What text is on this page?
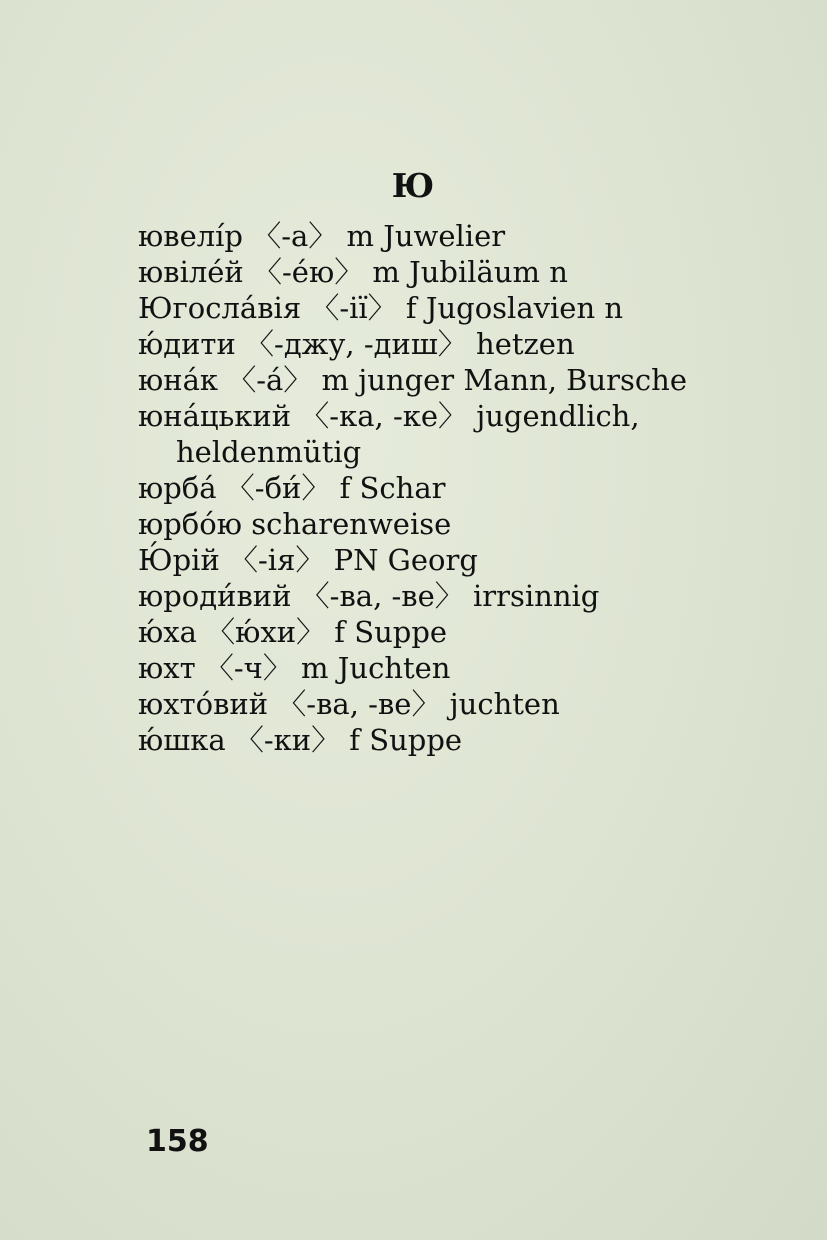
Ю
ювелі́р 〈-а〉 m Juwelier
ювіле́й 〈-е́ю〉 m Jubiläum n
Югосла́вія 〈-ії〉 f Jugoslavien n
ю́дити 〈-джу, -диш〉 hetzen
юна́к 〈-а́〉 m junger Mann, Bursche
юна́цький 〈-ка, -ке〉 jugendlich,
heldenmütig
юрба́ 〈-би́〉 f Schar
юрбо́ю scharenweise
Ю́рій 〈-ія〉 PN Georg
юроди́вий 〈-ва, -ве〉 irrsinnig
ю́ха 〈ю́хи〉 f Suppe
юхт 〈-ч〉 m Juchten
юхто́вий 〈-ва, -ве〉 juchten
ю́шка 〈-ки〉 f Suppe
158
